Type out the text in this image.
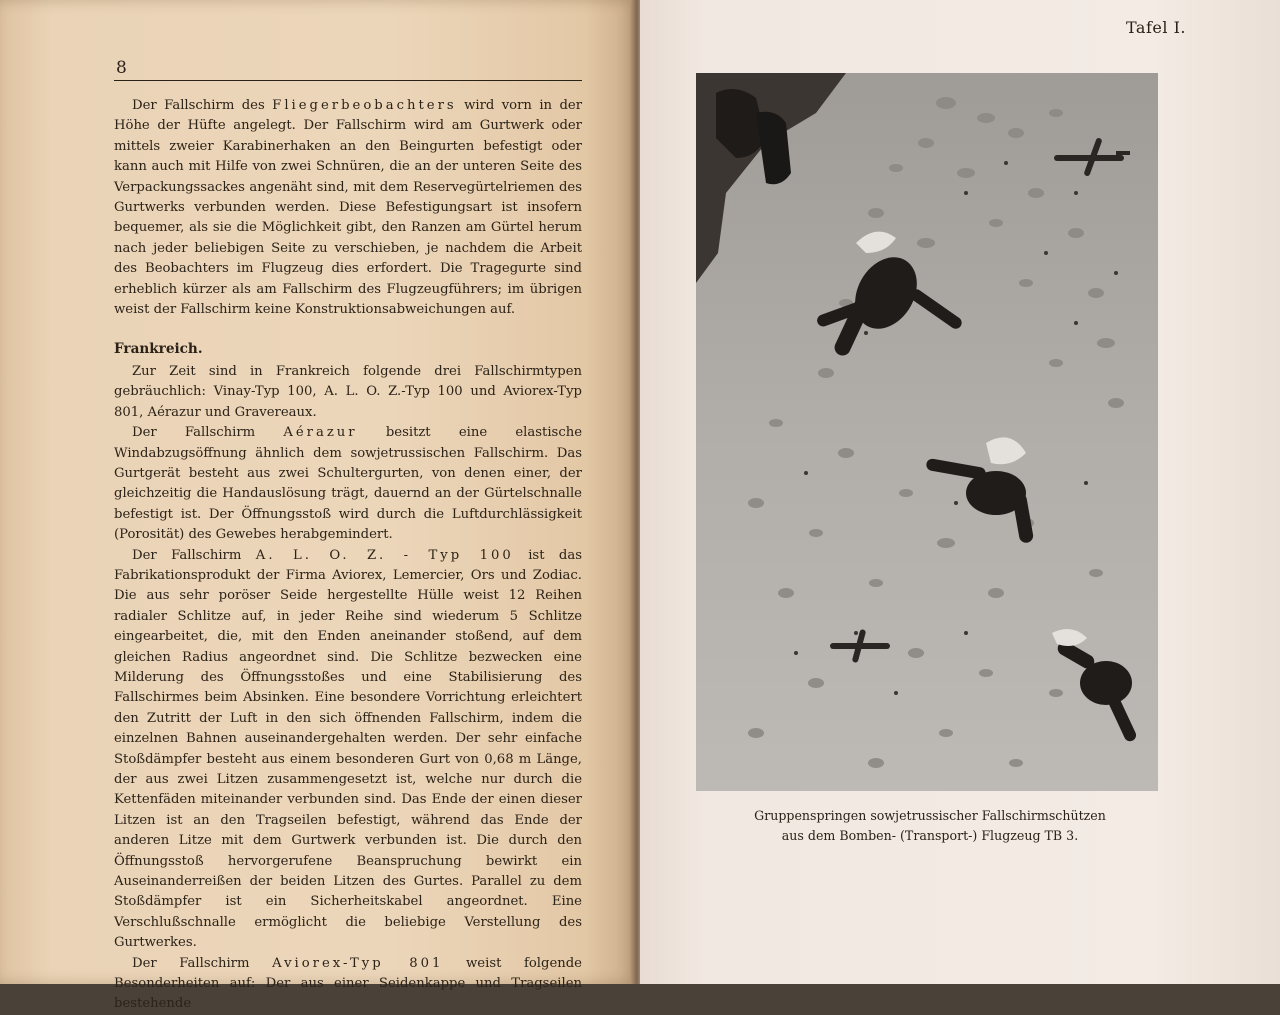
8

Der Fallschirm des Fliegerbeobachters wird vorn in der Höhe der Hüfte angelegt. Der Fallschirm wird am Gurtwerk oder mittels zweier Karabinerhaken an den Beingurten befestigt oder kann auch mit Hilfe von zwei Schnüren, die an der unteren Seite des Verpackungssackes angenäht sind, mit dem Reservegürtelriemen des Gurtwerks verbunden werden. Diese Befestigungsart ist insofern bequemer, als sie die Möglichkeit gibt, den Ranzen am Gürtel herum nach jeder beliebigen Seite zu verschieben, je nachdem die Arbeit des Beobachters im Flugzeug dies erfordert. Die Tragegurte sind erheblich kürzer als am Fallschirm des Flugzeugführers; im übrigen weist der Fallschirm keine Konstruktionsabweichungen auf.

Frankreich.

Zur Zeit sind in Frankreich folgende drei Fallschirmtypen gebräuchlich: Vinay-Typ 100, A. L. O. Z.-Typ 100 und Aviorex-Typ 801, Aérazur und Gravereaux.

Der Fallschirm Aérazur besitzt eine elastische Windabzugsöffnung ähnlich dem sowjetrussischen Fallschirm. Das Gurtgerät besteht aus zwei Schultergurten, von denen einer, der gleichzeitig die Handauslösung trägt, dauernd an der Gürtelschnalle befestigt ist. Der Öffnungsstoß wird durch die Luftdurchlässigkeit (Porosität) des Gewebes herabgemindert.

Der Fallschirm A. L. O. Z. - Typ 100 ist das Fabrikationsprodukt der Firma Aviorex, Lemercier, Ors und Zodiac. Die aus sehr poröser Seide hergestellte Hülle weist 12 Reihen radialer Schlitze auf, in jeder Reihe sind wiederum 5 Schlitze eingearbeitet, die, mit den Enden aneinander stoßend, auf dem gleichen Radius angeordnet sind. Die Schlitze bezwecken eine Milderung des Öffnungsstoßes und eine Stabilisierung des Fallschirmes beim Absinken. Eine besondere Vorrichtung erleichtert den Zutritt der Luft in den sich öffnenden Fallschirm, indem die einzelnen Bahnen auseinandergehalten werden. Der sehr einfache Stoßdämpfer besteht aus einem besonderen Gurt von 0,68 m Länge, der aus zwei Litzen zusammengesetzt ist, welche nur durch die Kettenfäden miteinander verbunden sind. Das Ende der einen dieser Litzen ist an den Tragseilen befestigt, während das Ende der anderen Litze mit dem Gurtwerk verbunden ist. Die durch den Öffnungsstoß hervorgerufene Beanspruchung bewirkt ein Auseinanderreißen der beiden Litzen des Gurtes. Parallel zu dem Stoßdämpfer ist ein Sicherheitskabel angeordnet. Eine Verschlußschnalle ermöglicht die beliebige Verstellung des Gurtwerkes.

Der Fallschirm Aviorex-Typ 801 weist folgende Besonderheiten auf: Der aus einer Seidenkappe und Tragseilen bestehende

Tafel I.
Gruppenspringen sowjetrussischer Fallschirmschützen
aus dem Bomben- (Transport-) Flugzeug TB 3.
